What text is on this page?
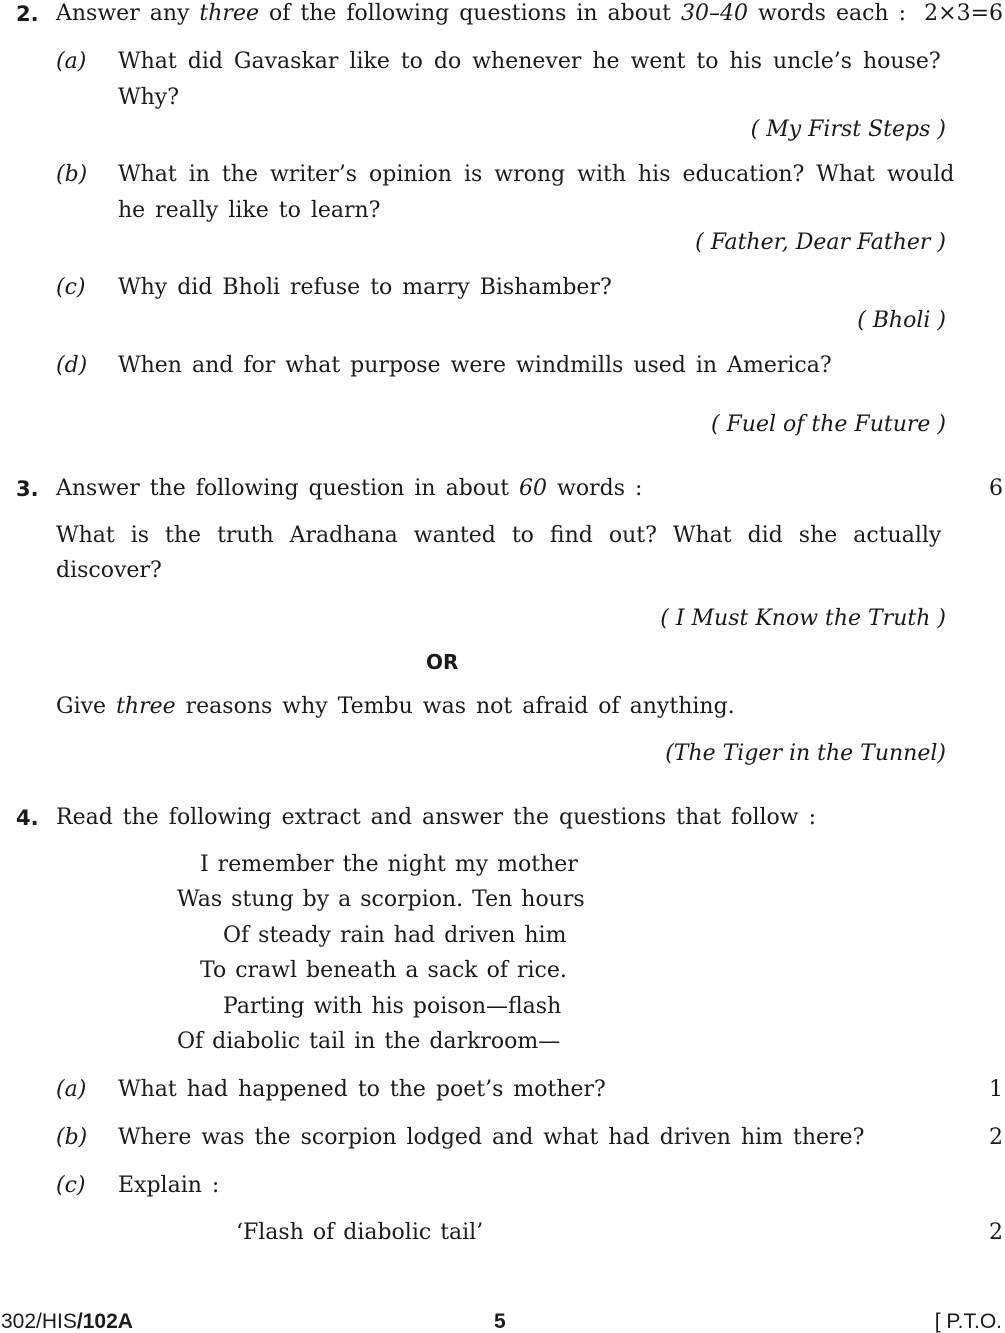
2. Answer any three of the following questions in about 30–40 words each : 2×3=6
(a) What did Gavaskar like to do whenever he went to his uncle’s house?
Why?
( My First Steps )
(b) What in the writer’s opinion is wrong with his education? What would
he really like to learn?
( Father, Dear Father )
(c) Why did Bholi refuse to marry Bishamber?
( Bholi )
(d) When and for what purpose were windmills used in America?
( Fuel of the Future )
3. Answer the following question in about 60 words :	6
What is the truth Aradhana wanted to find out? What did she actually
discover?
( I Must Know the Truth )
OR
Give three reasons why Tembu was not afraid of anything.
(The Tiger in the Tunnel)
4. Read the following extract and answer the questions that follow :
I remember the night my mother
Was stung by a scorpion. Ten hours
Of steady rain had driven him
To crawl beneath a sack of rice.
Parting with his poison—flash
Of diabolic tail in the darkroom—
(a) What had happened to the poet’s mother?	1
(b) Where was the scorpion lodged and what had driven him there?	2
(c) Explain :
‘Flash of diabolic tail’	2
302/HIS/102A	5	[ P.T.O.
